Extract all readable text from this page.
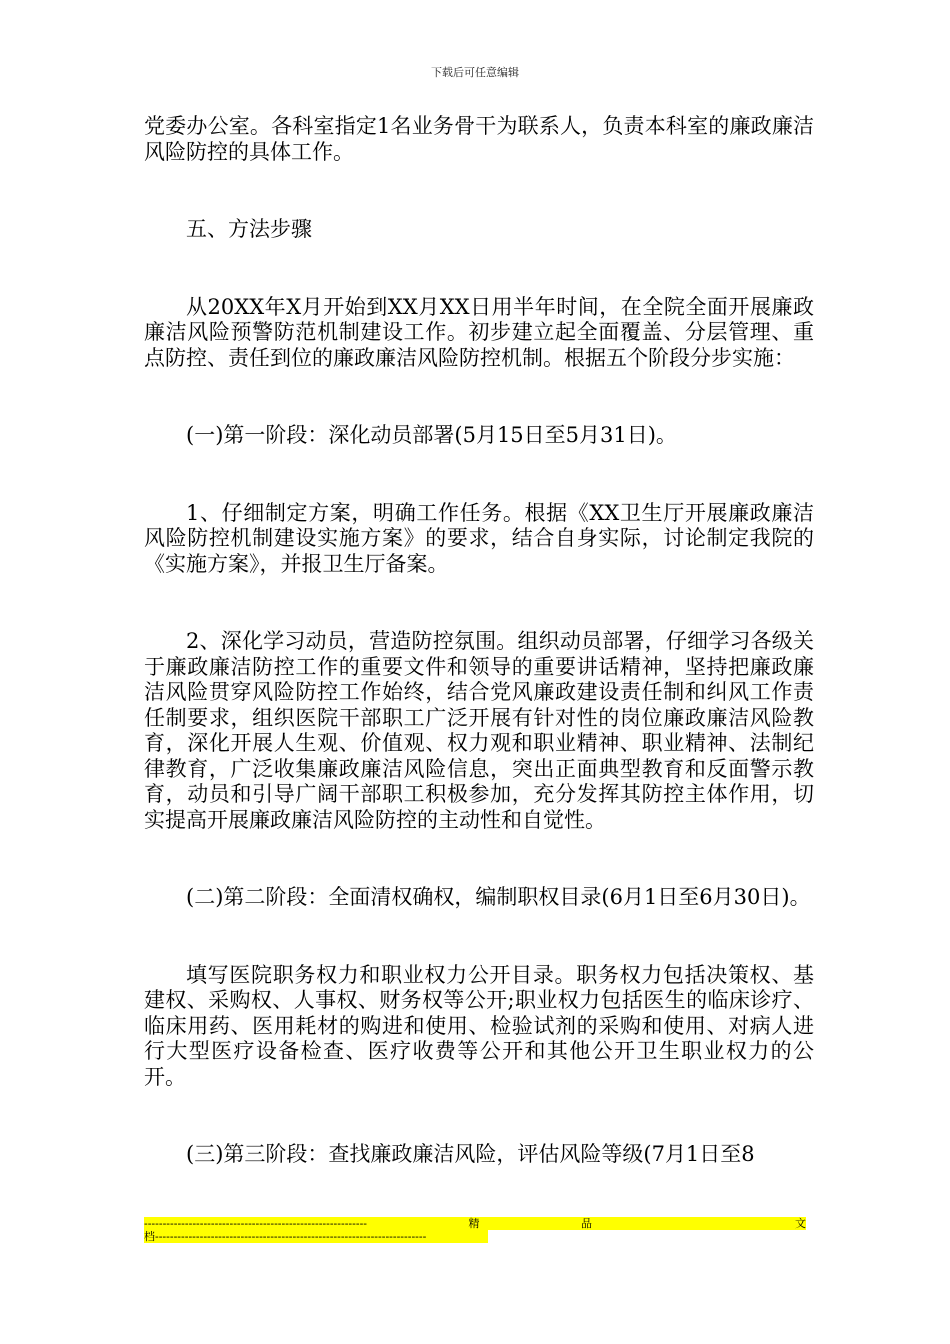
下载后可任意编辑

党委办公室。各科室指定1名业务骨干为联系人，负责本科室的廉政廉洁风险防控的具体工作。

五、方法步骤

从20XX年X月开始到XX月XX日用半年时间，在全院全面开展廉政廉洁风险预警防范机制建设工作。初步建立起全面覆盖、分层管理、重点防控、责任到位的廉政廉洁风险防控机制。根据五个阶段分步实施：

(一)第一阶段：深化动员部署(5月15日至5月31日)。

1、仔细制定方案，明确工作任务。根据《XX卫生厅开展廉政廉洁风险防控机制建设实施方案》的要求，结合自身实际，讨论制定我院的《实施方案》，并报卫生厅备案。

2、深化学习动员，营造防控氛围。组织动员部署，仔细学习各级关于廉政廉洁防控工作的重要文件和领导的重要讲话精神，坚持把廉政廉洁风险贯穿风险防控工作始终，结合党风廉政建设责任制和纠风工作责任制要求，组织医院干部职工广泛开展有针对性的岗位廉政廉洁风险教育，深化开展人生观、价值观、权力观和职业精神、职业精神、法制纪律教育，广泛收集廉政廉洁风险信息，突出正面典型教育和反面警示教育，动员和引导广阔干部职工积极参加，充分发挥其防控主体作用，切实提高开展廉政廉洁风险防控的主动性和自觉性。

(二)第二阶段：全面清权确权，编制职权目录(6月1日至6月30日)。

填写医院职务权力和职业权力公开目录。职务权力包括决策权、基建权、采购权、人事权、财务权等公开;职业权力包括医生的临床诊疗、临床用药、医用耗材的购进和使用、检验试剂的采购和使用、对病人进行大型医疗设备检查、医疗收费等公开和其他公开卫生职业权力的公开。

(三)第三阶段：查找廉政廉洁风险，评估风险等级(7月1日至8

------------------------------------------------------------	精	品	文
档-------------------------------------------------------------------------
